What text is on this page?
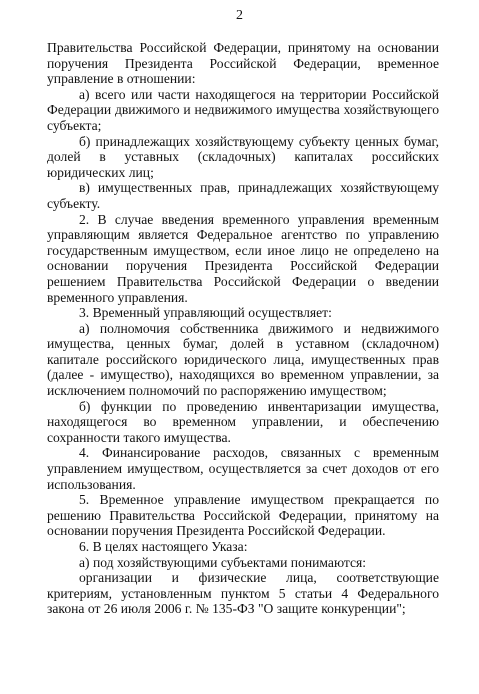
2

Правительства Российской Федерации, принятому на основании поручения Президента Российской Федерации, временное управление в отношении:

а) всего или части находящегося на территории Российской Федерации движимого и недвижимого имущества хозяйствующего субъекта;

б) принадлежащих хозяйствующему субъекту ценных бумаг, долей в уставных (складочных) капиталах российских юридических лиц;

в) имущественных прав, принадлежащих хозяйствующему субъекту.

2. В случае введения временного управления временным управляющим является Федеральное агентство по управлению государственным имуществом, если иное лицо не определено на основании поручения Президента Российской Федерации решением Правительства Российской Федерации о введении временного управления.

3. Временный управляющий осуществляет:

а) полномочия собственника движимого и недвижимого имущества, ценных бумаг, долей в уставном (складочном) капитале российского юридического лица, имущественных прав (далее - имущество), находящихся во временном управлении, за исключением полномочий по распоряжению имуществом;

б) функции по проведению инвентаризации имущества, находящегося во временном управлении, и обеспечению сохранности такого имущества.

4. Финансирование расходов, связанных с временным управлением имуществом, осуществляется за счет доходов от его использования.

5. Временное управление имуществом прекращается по решению Правительства Российской Федерации, принятому на основании поручения Президента Российской Федерации.

6. В целях настоящего Указа:

а) под хозяйствующими субъектами понимаются:

организации и физические лица, соответствующие критериям, установленным пунктом 5 статьи 4 Федерального закона от 26 июля 2006 г. № 135-ФЗ "О защите конкуренции";
